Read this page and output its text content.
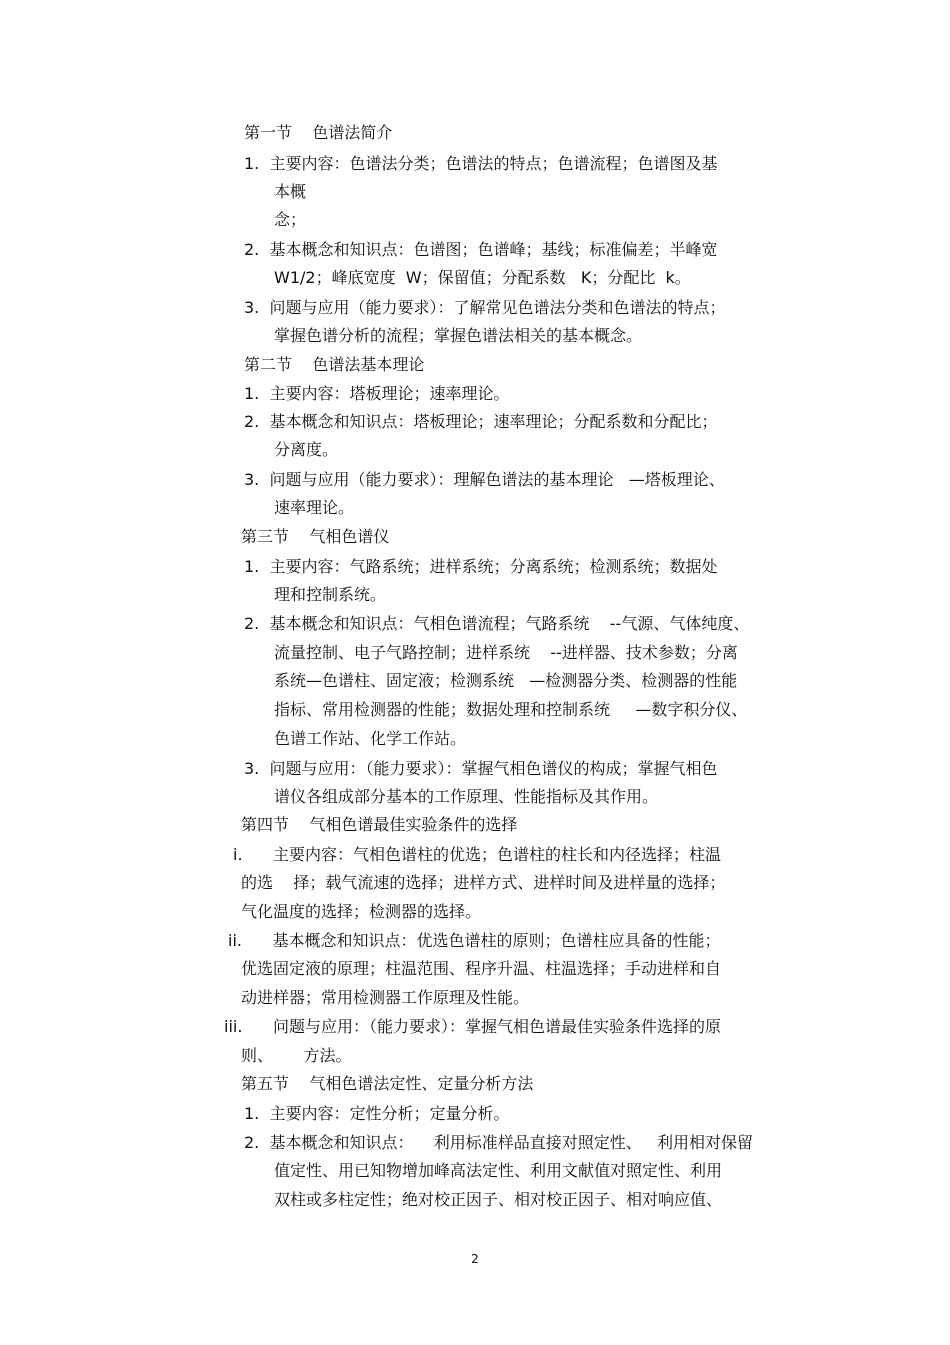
第一节    色谱法简介
1.  主要内容：色谱法分类；色谱法的特点；色谱流程；色谱图及基
本概
念；
2.  基本概念和知识点：色谱图；色谱峰；基线；标准偏差；半峰宽
W1/2；峰底宽度  W；保留值；分配系数   K；分配比  k。
3.  问题与应用（能力要求）：了解常见色谱法分类和色谱法的特点；
掌握色谱分析的流程；掌握色谱法相关的基本概念。
第二节    色谱法基本理论
1.  主要内容：塔板理论；速率理论。
2.  基本概念和知识点：塔板理论；速率理论；分配系数和分配比；
分离度。
3.  问题与应用（能力要求）：理解色谱法的基本理论   —塔板理论、
速率理论。
第三节    气相色谱仪
1.  主要内容：气路系统；进样系统；分离系统；检测系统；数据处
理和控制系统。
2.  基本概念和知识点：气相色谱流程；气路系统    --气源、气体纯度、
流量控制、电子气路控制；进样系统    --进样器、技术参数；分离
系统—色谱柱、固定液；检测系统   —检测器分类、检测器的性能
指标、常用检测器的性能；数据处理和控制系统     —数字积分仪、
色谱工作站、化学工作站。
3.  问题与应用：（能力要求）：掌握气相色谱仪的构成；掌握气相色
谱仪各组成部分基本的工作原理、性能指标及其作用。
第四节    气相色谱最佳实验条件的选择
i.      主要内容：气相色谱柱的优选；色谱柱的柱长和内径选择；柱温
的选    择；载气流速的选择；进样方式、进样时间及进样量的选择；
气化温度的选择；检测器的选择。
ii.      基本概念和知识点：优选色谱柱的原则；色谱柱应具备的性能；
优选固定液的原理；柱温范围、程序升温、柱温选择；手动进样和自
动进样器；常用检测器工作原理及性能。
iii.      问题与应用：（能力要求）：掌握气相色谱最佳实验条件选择的原
则、      方法。
第五节    气相色谱法定性、定量分析方法
1.  主要内容：定性分析；定量分析。
2.  基本概念和知识点：    利用标准样品直接对照定性、   利用相对保留
值定性、用已知物增加峰高法定性、利用文献值对照定性、利用
双柱或多柱定性；绝对校正因子、相对校正因子、相对响应值、
2
